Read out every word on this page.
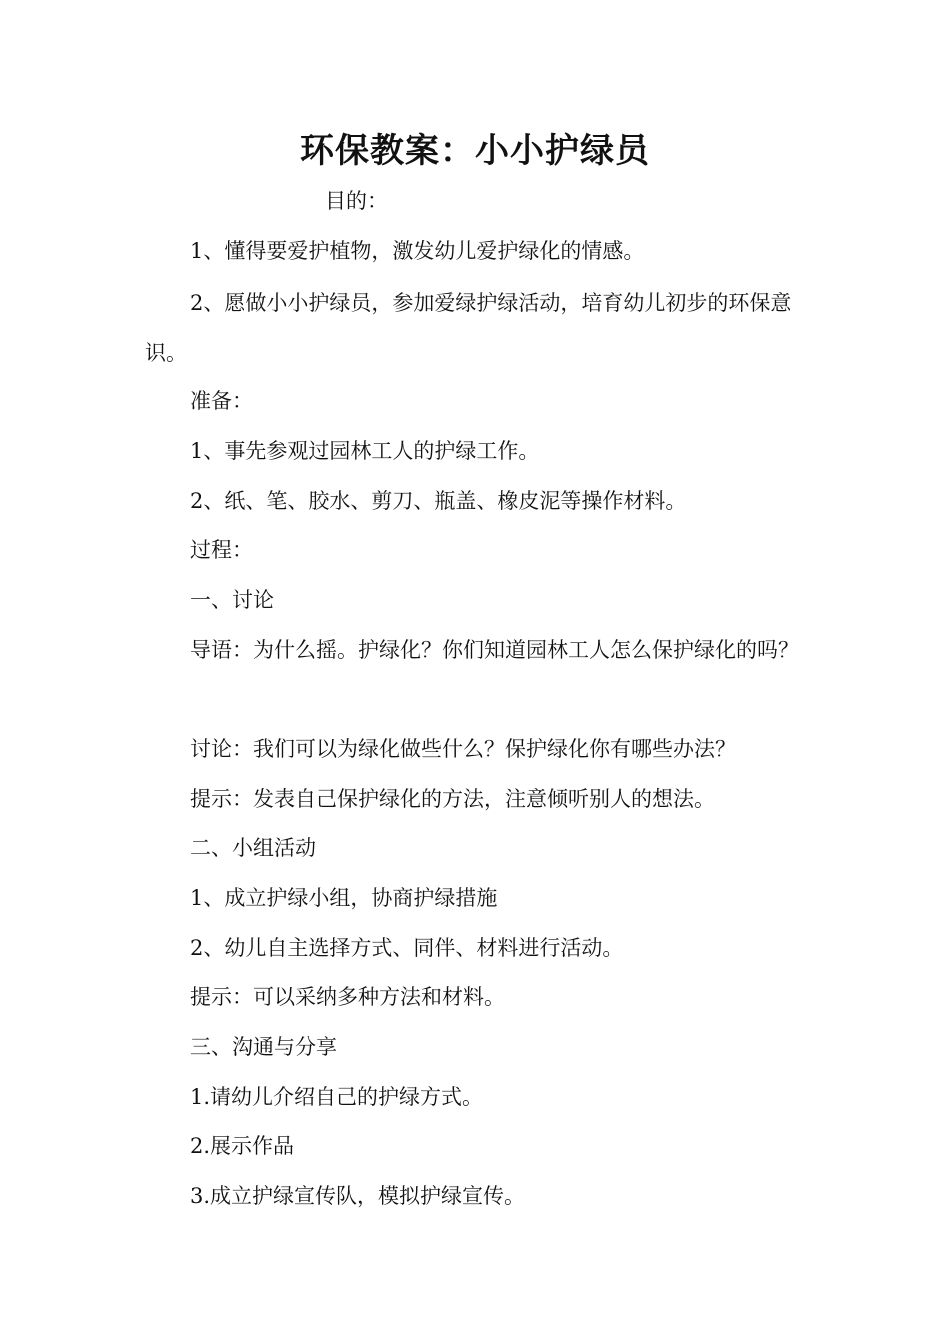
环保教案：小小护绿员
目的：
1、懂得要爱护植物，激发幼儿爱护绿化的情感。
2、愿做小小护绿员，参加爱绿护绿活动，培育幼儿初步的环保意识。
准备：
1、事先参观过园林工人的护绿工作。
2、纸、笔、胶水、剪刀、瓶盖、橡皮泥等操作材料。
过程：
一、讨论
导语：为什么摇。护绿化？你们知道园林工人怎么保护绿化的吗？
讨论：我们可以为绿化做些什么？保护绿化你有哪些办法？
提示：发表自己保护绿化的方法，注意倾听别人的想法。
二、小组活动
1、成立护绿小组，协商护绿措施
2、幼儿自主选择方式、同伴、材料进行活动。
提示：可以采纳多种方法和材料。
三、沟通与分享
1.请幼儿介绍自己的护绿方式。
2.展示作品
3.成立护绿宣传队，模拟护绿宣传。
